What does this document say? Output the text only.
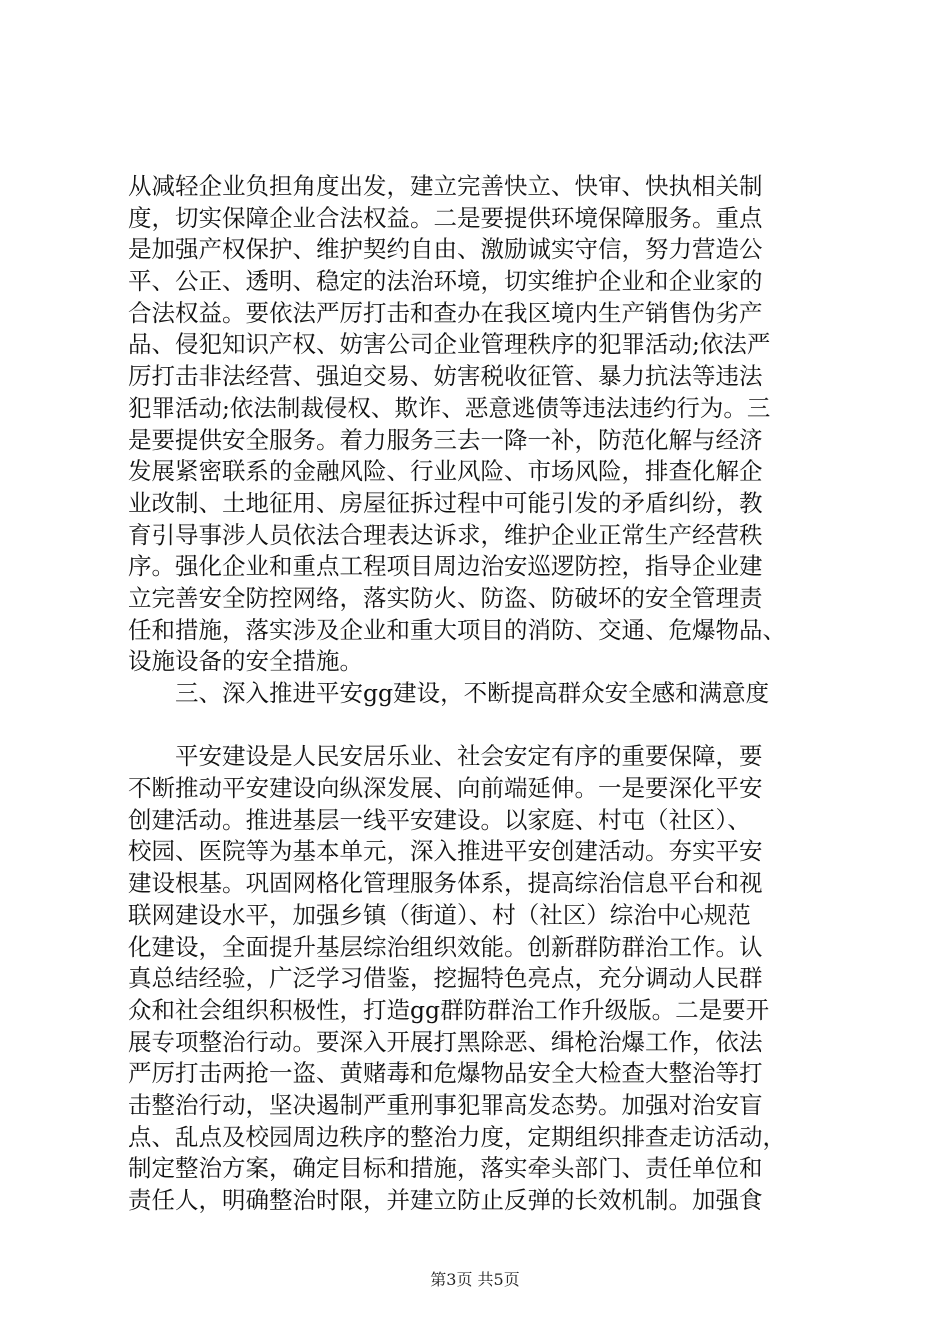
从减轻企业负担角度出发，建立完善快立、快审、快执相关制
度，切实保障企业合法权益。二是要提供环境保障服务。重点
是加强产权保护、维护契约自由、激励诚实守信，努力营造公
平、公正、透明、稳定的法治环境，切实维护企业和企业家的
合法权益。要依法严厉打击和查办在我区境内生产销售伪劣产
品、侵犯知识产权、妨害公司企业管理秩序的犯罪活动;依法严
厉打击非法经营、强迫交易、妨害税收征管、暴力抗法等违法
犯罪活动;依法制裁侵权、欺诈、恶意逃债等违法违约行为。三
是要提供安全服务。着力服务三去一降一补，防范化解与经济
发展紧密联系的金融风险、行业风险、市场风险，排查化解企
业改制、土地征用、房屋征拆过程中可能引发的矛盾纠纷，教
育引导事涉人员依法合理表达诉求，维护企业正常生产经营秩
序。强化企业和重点工程项目周边治安巡逻防控，指导企业建
立完善安全防控网络，落实防火、防盗、防破坏的安全管理责
任和措施，落实涉及企业和重大项目的消防、交通、危爆物品、
设施设备的安全措施。
三、深入推进平安gg建设，不断提高群众安全感和满意度
平安建设是人民安居乐业、社会安定有序的重要保障，要
不断推动平安建设向纵深发展、向前端延伸。一是要深化平安
创建活动。推进基层一线平安建设。以家庭、村屯（社区）、
校园、医院等为基本单元，深入推进平安创建活动。夯实平安
建设根基。巩固网格化管理服务体系，提高综治信息平台和视
联网建设水平，加强乡镇（街道）、村（社区）综治中心规范
化建设，全面提升基层综治组织效能。创新群防群治工作。认
真总结经验，广泛学习借鉴，挖掘特色亮点，充分调动人民群
众和社会组织积极性，打造gg群防群治工作升级版。二是要开
展专项整治行动。要深入开展打黑除恶、缉枪治爆工作，依法
严厉打击两抢一盗、黄赌毒和危爆物品安全大检查大整治等打
击整治行动，坚决遏制严重刑事犯罪高发态势。加强对治安盲
点、乱点及校园周边秩序的整治力度，定期组织排查走访活动，
制定整治方案，确定目标和措施，落实牵头部门、责任单位和
责任人，明确整治时限，并建立防止反弹的长效机制。加强食
第3页 共5页
